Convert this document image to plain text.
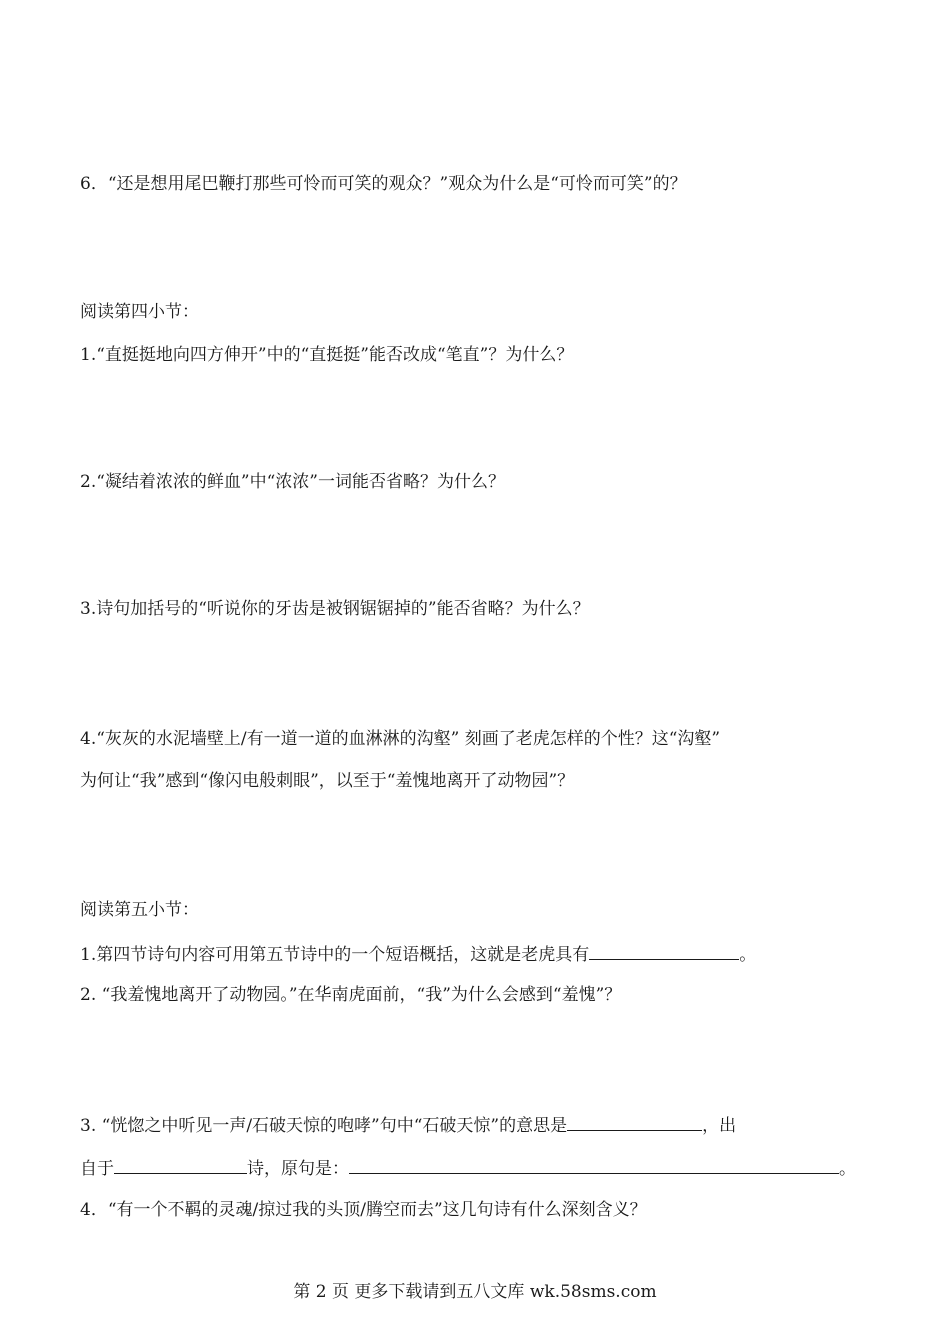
6．“还是想用尾巴鞭打那些可怜而可笑的观众？”观众为什么是“可怜而可笑”的？
阅读第四小节：
1.“直挺挺地向四方伸开”中的“直挺挺”能否改成“笔直”？为什么？
2.“凝结着浓浓的鲜血”中“浓浓”一词能否省略？为什么？
3.诗句加括号的“听说你的牙齿是被钢锯锯掉的”能否省略？为什么？
4.“灰灰的水泥墙壁上/有一道一道的血淋淋的沟壑” 刻画了老虎怎样的个性？这“沟壑”
为何让“我”感到“像闪电般刺眼”，以至于“羞愧地离开了动物园”？
阅读第五小节：
1.第四节诗句内容可用第五节诗中的一个短语概括，这就是老虎具有	。
2. “我羞愧地离开了动物园。”在华南虎面前，“我”为什么会感到“羞愧”？
3. “恍惚之中听见一声/石破天惊的咆哮”句中“石破天惊”的意思是	，出
自于	诗，原句是：	。
4．“有一个不羁的灵魂/掠过我的头顶/腾空而去”这几句诗有什么深刻含义？
第 2 页 更多下载请到五八文库 wk.58sms.com
